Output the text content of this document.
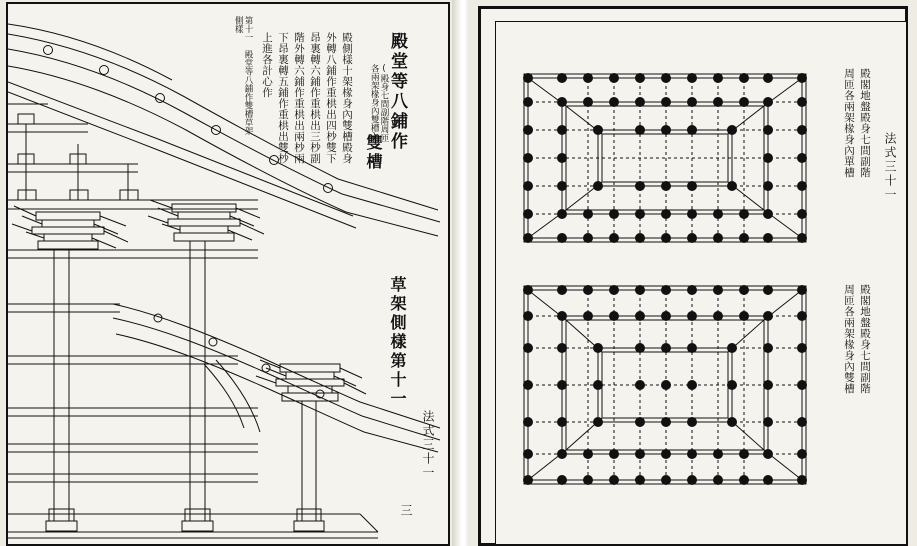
殿堂等八鋪作
雙槽
草架側樣第十一
(殿身七間副階周匝各兩架椽身內雙槽)
殿側樣十架椽身內雙槽殿身
外轉八鋪作重栱出四杪雙下
昂裏轉六鋪作重栱出三杪副
階外轉六鋪作重栱出兩杪兩
下昂裏轉五鋪作重栱出雙杪
上進各計心作
第十一　殿堂等八鋪作雙槽草架側樣
三
法式三十一
殿閣地盤殿身七間副階
周匝各兩架椽身內單槽
殿閣地盤殿身七間副階
周匝各兩架椽身內雙槽
法式三十一
